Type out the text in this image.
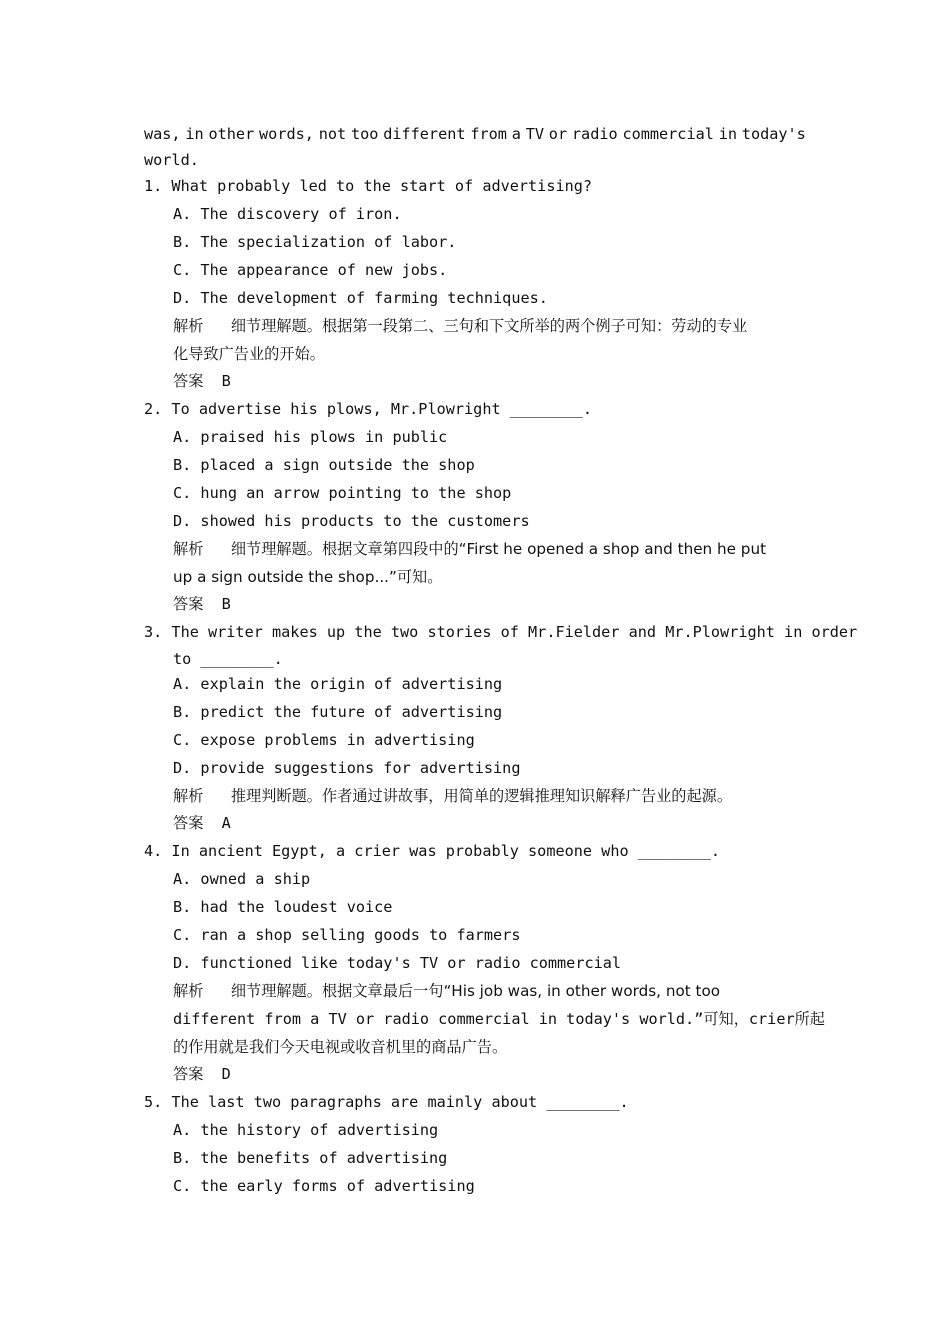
was, in other words, not too different from a TV or radio commercial in today's
world.
1. What probably led to the start of advertising?
A. The discovery of iron.
B. The specialization of labor.
C. The appearance of new jobs.
D. The development of farming techniques.
解析 细节理解题。根据第一段第二、三句和下文所举的两个例子可知：劳动的专业
化导致广告业的开始。
答案 B
2. To advertise his plows, Mr.Plowright ________.
A. praised his plows in public
B. placed a sign outside the shop
C. hung an arrow pointing to the shop
D. showed his products to the customers
解析 细节理解题。根据文章第四段中的“First he opened a shop and then he put
up a sign outside the shop...”可知。
答案 B
3. The writer makes up the two stories of Mr.Fielder and Mr.Plowright in order
to ________.
A. explain the origin of advertising
B. predict the future of advertising
C. expose problems in advertising
D. provide suggestions for advertising
解析 推理判断题。作者通过讲故事，用简单的逻辑推理知识解释广告业的起源。
答案 A
4. In ancient Egypt, a crier was probably someone who ________.
A. owned a ship
B. had the loudest voice
C. ran a shop selling goods to farmers
D. functioned like today's TV or radio commercial
解析 细节理解题。根据文章最后一句“His job was, in other words, not too
different from a TV or radio commercial in today's world.”可知，crier所起
的作用就是我们今天电视或收音机里的商品广告。
答案 D
5. The last two paragraphs are mainly about ________.
A. the history of advertising
B. the benefits of advertising
C. the early forms of advertising
